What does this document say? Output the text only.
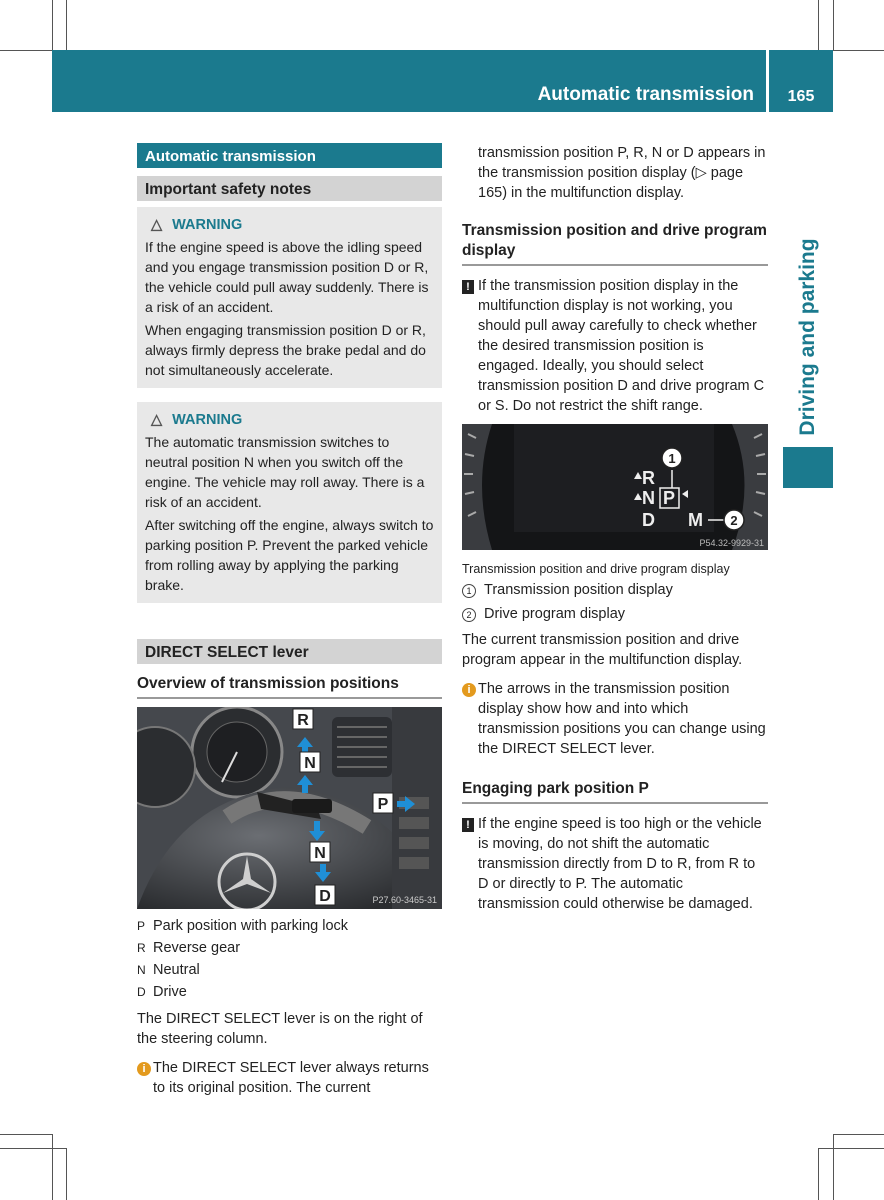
Automatic transmission	165
Driving and parking
Automatic transmission
Important safety notes
△ WARNING

If the engine speed is above the idling speed and you engage transmission position D or R, the vehicle could pull away suddenly. There is a risk of an accident.

When engaging transmission position D or R, always firmly depress the brake pedal and do not simultaneously accelerate.

△ WARNING

The automatic transmission switches to neutral position N when you switch off the engine. The vehicle may roll away. There is a risk of an accident.

After switching off the engine, always switch to parking position P. Prevent the parked vehicle from rolling away by applying the parking brake.

DIRECT SELECT lever
Overview of transmission positions
R
N
P
N
D	P27.60-3465-31
P Park position with parking lock
R Reverse gear
N Neutral
D Drive

The DIRECT SELECT lever is on the right of the steering column.

i The DIRECT SELECT lever always returns to its original position. The current

transmission position P, R, N or D appears in the transmission position display (▷ page 165) in the multifunction display.

Transmission position and drive program display
! If the transmission position display in the multifunction display is not working, you should pull away carefully to check whether the desired transmission position is engaged. Ideally, you should select transmission position D and drive program C or S. Do not restrict the shift range.

R
N P
D M
1
2
P54.32-9929-31
Transmission position and drive program display
1 Transmission position display
2 Drive program display

The current transmission position and drive program appear in the multifunction display.

i The arrows in the transmission position display show how and into which transmission positions you can change using the DIRECT SELECT lever.

Engaging park position P
! If the engine speed is too high or the vehicle is moving, do not shift the automatic transmission directly from D to R, from R to D or directly to P. The automatic transmission could otherwise be damaged.
